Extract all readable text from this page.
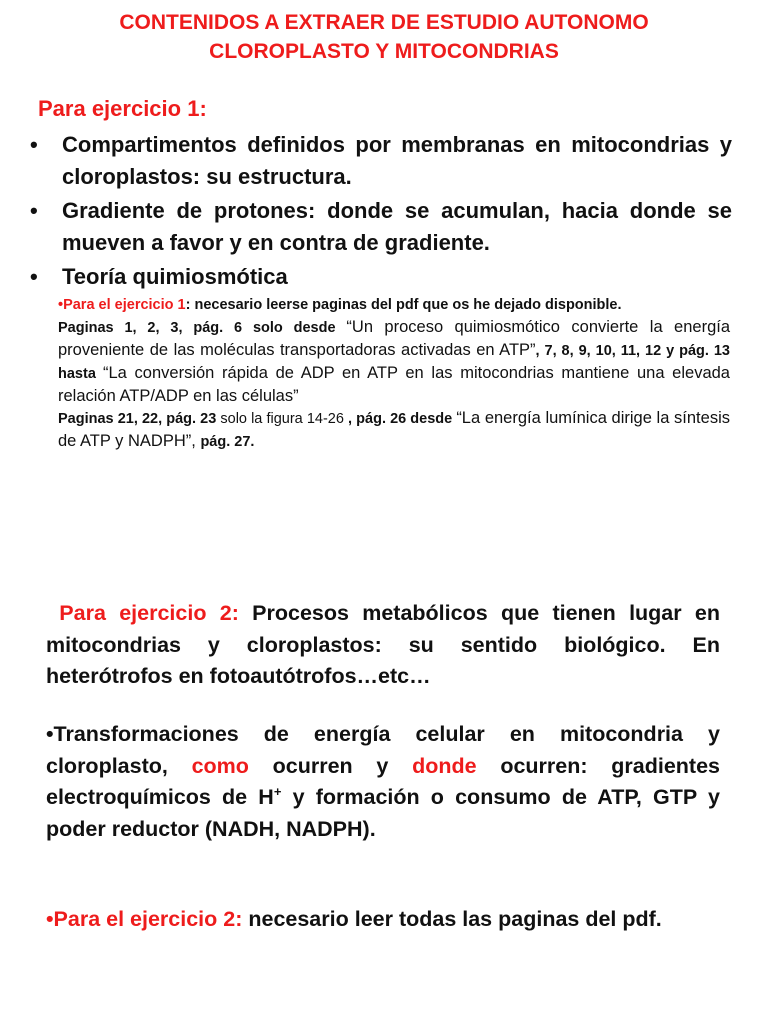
CONTENIDOS A EXTRAER DE ESTUDIO AUTONOMO
CLOROPLASTO Y MITOCONDRIAS
Para ejercicio 1:
• Compartimentos definidos por membranas en mitocondrias y cloroplastos: su estructura.
• Gradiente de protones: donde se acumulan, hacia donde se mueven a favor y en contra de gradiente.
• Teoría quimiosmótica
•Para el ejercicio 1: necesario leerse paginas del pdf que os he dejado disponible.
Paginas 1, 2, 3, pág. 6 solo desde “Un proceso quimiosmótico convierte la energía proveniente de las moléculas transportadoras activadas en ATP”, 7, 8, 9, 10, 11, 12 y pág. 13 hasta “La conversión rápida de ADP en ATP en las mitocondrias mantiene una elevada relación ATP/ADP en las células”
Paginas 21, 22, pág. 23 solo la figura 14-26 , pág. 26 desde “La energía lumínica dirige la síntesis de ATP y NADPH”, pág. 27.
Para ejercicio 2: Procesos metabólicos que tienen lugar en mitocondrias y cloroplastos: su sentido biológico. En heterótrofos en fotoautótrofos…etc…
•Transformaciones de energía celular en mitocondria y cloroplasto, como ocurren y donde ocurren: gradientes electroquímicos de H+ y formación o consumo de ATP, GTP y poder reductor (NADH, NADPH).
•Para el ejercicio 2: necesario leer todas las paginas del pdf.
